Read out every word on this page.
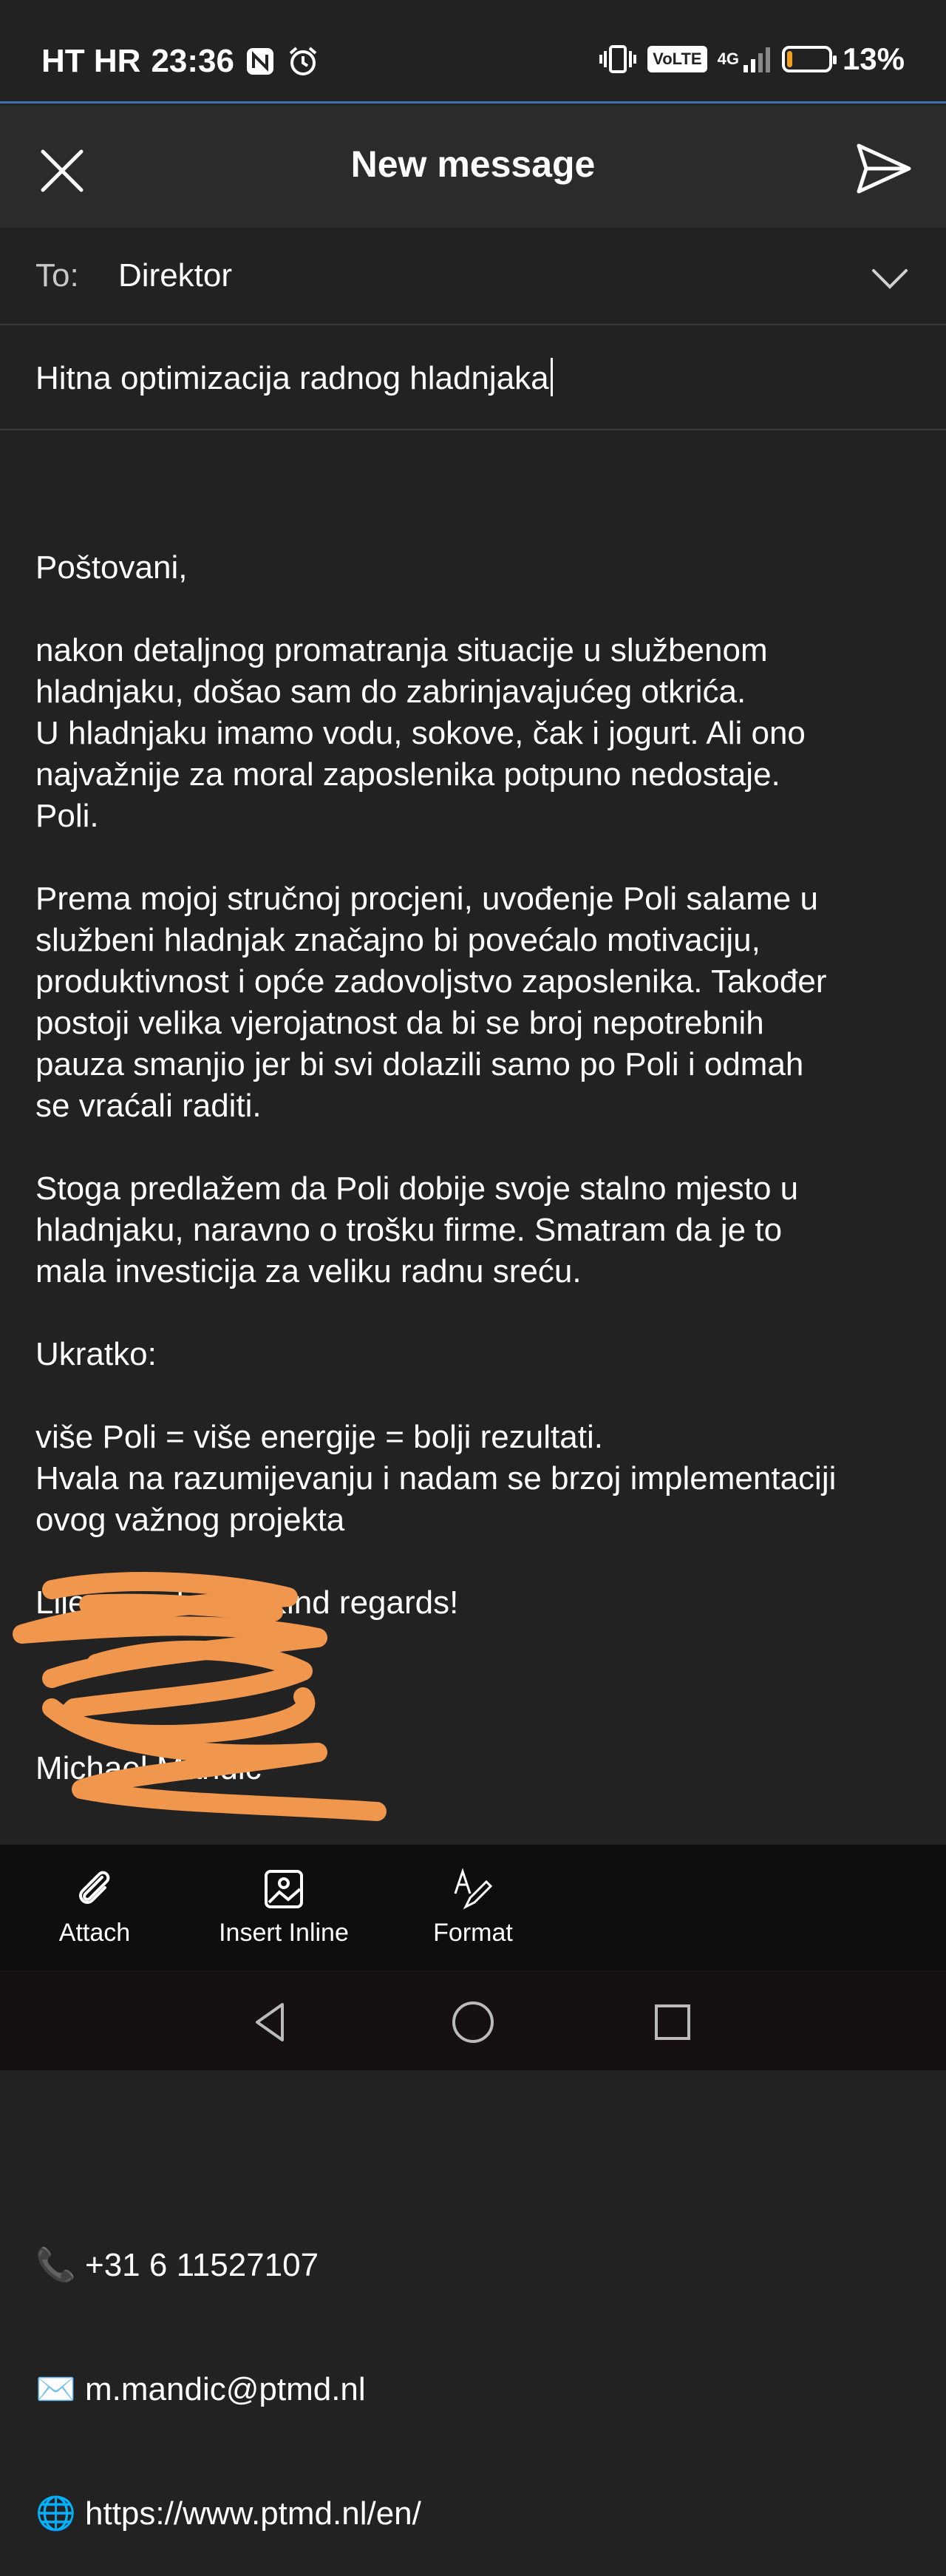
HT HR 23:36	VoLTE 4G	13%
New message
To: Direktor
Hitna optimizacija radnog hladnjaka

Poštovani,

nakon detaljnog promatranja situacije u službenom
hladnjaku, došao sam do zabrinjavajućeg otkrića.
U hladnjaku imamo vodu, sokove, čak i jogurt. Ali ono
najvažnije za moral zaposlenika potpuno nedostaje.
Poli.

Prema mojoj stručnoj procjeni, uvođenje Poli salame u
službeni hladnjak značajno bi povećalo motivaciju,
produktivnost i opće zadovoljstvo zaposlenika. Također
postoji velika vjerojatnost da bi se broj nepotrebnih
pauza smanjio jer bi svi dolazili samo po Poli i odmah
se vraćali raditi.

Stoga predlažem da Poli dobije svoje stalno mjesto u
hladnjaku, naravno o trošku firme. Smatram da je to
mala investicija za veliku radnu sreću.

Ukratko:

više Poli = više energije = bolji rezultati.
Hvala na razumijevanju i nadam se brzoj implementaciji
ovog važnog projekta

Lijep pozdrav! / Kind regards!

Michael Mandic

📞 +31 6 11527107

✉️ m.mandic@ptmd.nl

🌐 https://www.ptmd.nl/en/

Attach	Insert Inline	Format
